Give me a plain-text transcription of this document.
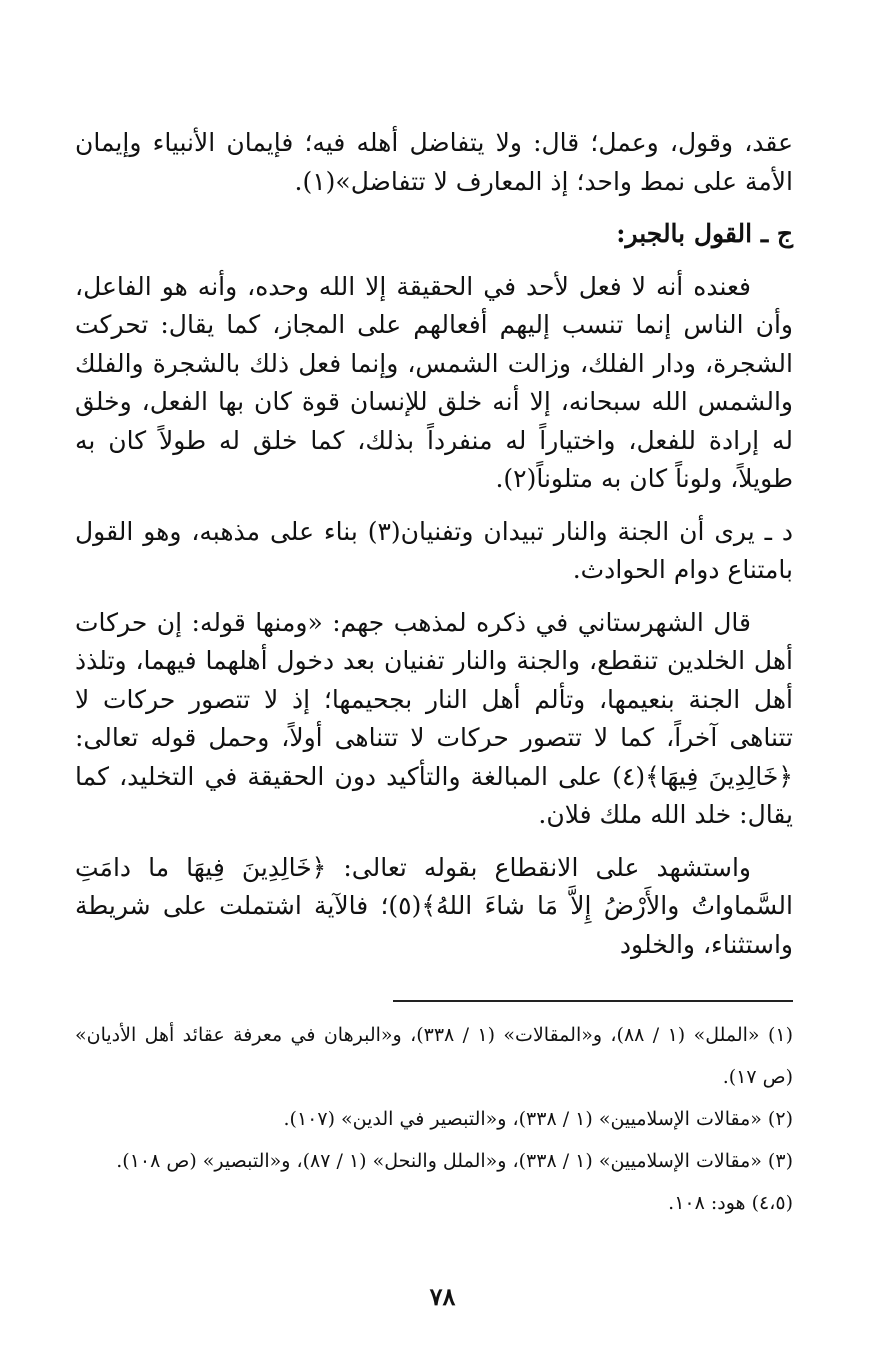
عقد، وقول، وعمل؛ قال: ولا يتفاضل أهله فيه؛ فإيمان الأنبياء وإيمان الأمة على نمط واحد؛ إذ المعارف لا تتفاضل»(١).

ج ـ القول بالجبر:

فعنده أنه لا فعل لأحد في الحقيقة إلا الله وحده، وأنه هو الفاعل، وأن الناس إنما تنسب إليهم أفعالهم على المجاز، كما يقال: تحركت الشجرة، ودار الفلك، وزالت الشمس، وإنما فعل ذلك بالشجرة والفلك والشمس الله سبحانه، إلا أنه خلق للإنسان قوة كان بها الفعل، وخلق له إرادة للفعل، واختياراً له منفرداً بذلك، كما خلق له طولاً كان به طويلاً، ولوناً كان به متلوناً(٢).

د ـ يرى أن الجنة والنار تبيدان وتفنيان(٣) بناء على مذهبه، وهو القول بامتناع دوام الحوادث.

قال الشهرستاني في ذكره لمذهب جهم: «ومنها قوله: إن حركات أهل الخلدين تنقطع، والجنة والنار تفنيان بعد دخول أهلهما فيهما، وتلذذ أهل الجنة بنعيمها، وتألم أهل النار بجحيمها؛ إذ لا تتصور حركات لا تتناهى آخراً، كما لا تتصور حركات لا تتناهى أولاً، وحمل قوله تعالى: ﴿خَالِدِينَ فِيهَا﴾(٤) على المبالغة والتأكيد دون الحقيقة في التخليد، كما يقال: خلد الله ملك فلان.

واستشهد على الانقطاع بقوله تعالى: ﴿خَالِدِينَ فِيهَا ما دامَتِ السَّماواتُ والأَرْضُ إِلاَّ مَا شاءَ اللهُ﴾(٥)؛ فالآية اشتملت على شريطة واستثناء، والخلود

(١) «الملل» (١ / ٨٨)، و«المقالات» (١ / ٣٣٨)، و«البرهان في معرفة عقائد أهل الأديان» (ص ١٧).

(٢) «مقالات الإسلاميين» (١ / ٣٣٨)، و«التبصير في الدين» (١٠٧).

(٣) «مقالات الإسلاميين» (١ / ٣٣٨)، و«الملل والنحل» (١ / ٨٧)، و«التبصير» (ص ١٠٨).

(٤،٥) هود: ١٠٨.

٧٨
